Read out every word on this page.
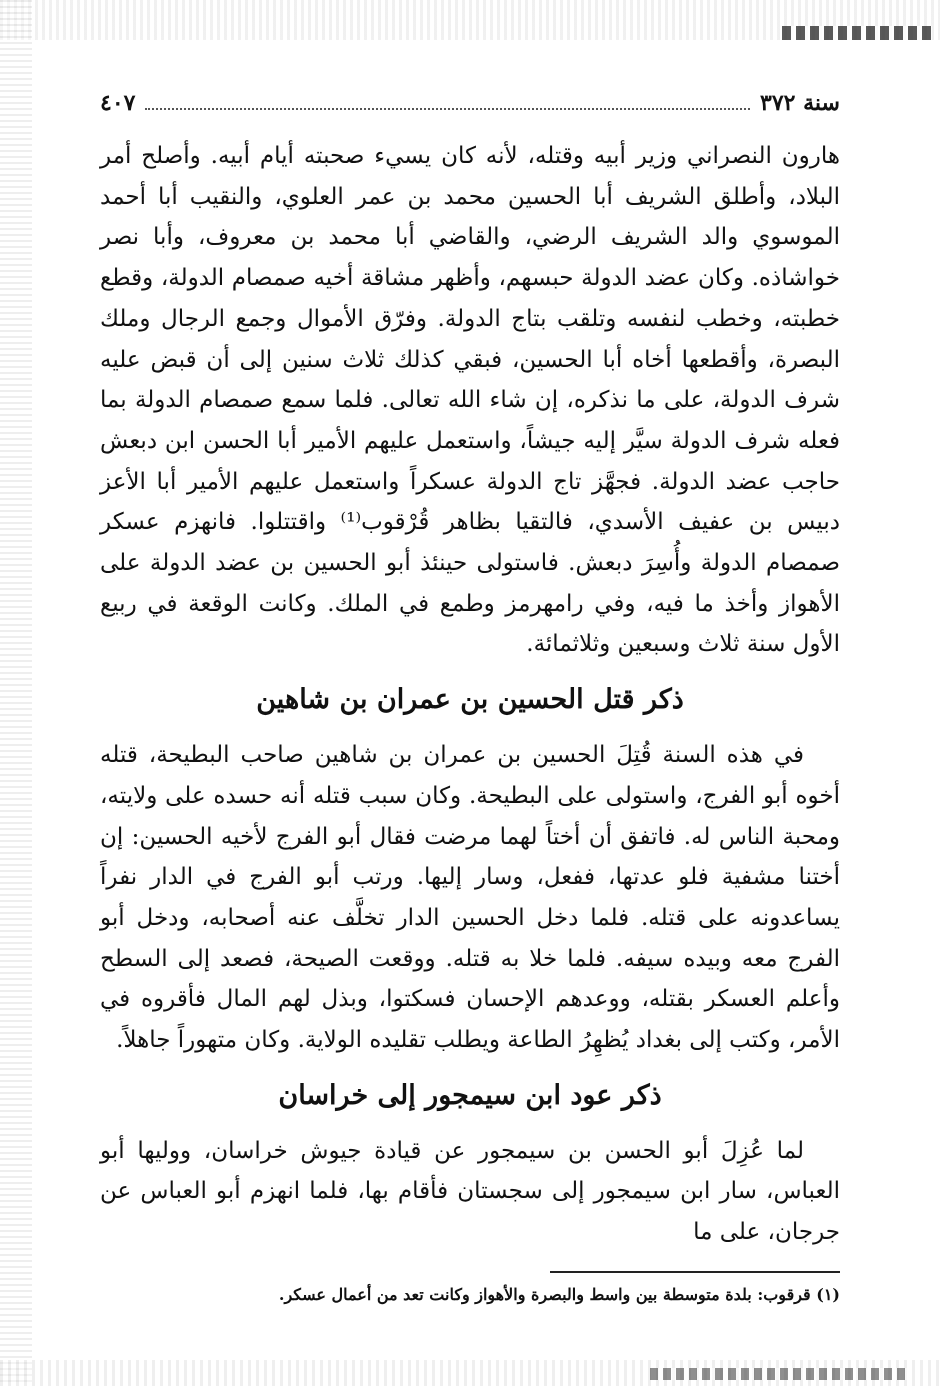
سنة ٣٧٢
٤٠٧

هارون النصراني وزير أبيه وقتله، لأنه كان يسيء صحبته أيام أبيه. وأصلح أمر البلاد، وأطلق الشريف أبا الحسين محمد بن عمر العلوي، والنقيب أبا أحمد الموسوي والد الشريف الرضي، والقاضي أبا محمد بن معروف، وأبا نصر خواشاذه. وكان عضد الدولة حبسهم، وأظهر مشاقة أخيه صمصام الدولة، وقطع خطبته، وخطب لنفسه وتلقب بتاج الدولة. وفرّق الأموال وجمع الرجال وملك البصرة، وأقطعها أخاه أبا الحسين، فبقي كذلك ثلاث سنين إلى أن قبض عليه شرف الدولة، على ما نذكره، إن شاء الله تعالى. فلما سمع صمصام الدولة بما فعله شرف الدولة سيَّر إليه جيشاً، واستعمل عليهم الأمير أبا الحسن ابن دبعش حاجب عضد الدولة. فجهَّز تاج الدولة عسكراً واستعمل عليهم الأمير أبا الأعز دبيس بن عفيف الأسدي، فالتقيا بظاهر قُرْقوب⁽¹⁾ واقتتلوا. فانهزم عسكر صمصام الدولة وأُسِرَ دبعش. فاستولى حينئذ أبو الحسين بن عضد الدولة على الأهواز وأخذ ما فيه، وفي رامهرمز وطمع في الملك. وكانت الوقعة في ربيع الأول سنة ثلاث وسبعين وثلاثمائة.

ذكر قتل الحسين بن عمران بن شاهين

في هذه السنة قُتِلَ الحسين بن عمران بن شاهين صاحب البطيحة، قتله أخوه أبو الفرج، واستولى على البطيحة. وكان سبب قتله أنه حسده على ولايته، ومحبة الناس له. فاتفق أن أختاً لهما مرضت فقال أبو الفرج لأخيه الحسين: إن أختنا مشفية فلو عدتها، ففعل، وسار إليها. ورتب أبو الفرج في الدار نفراً يساعدونه على قتله. فلما دخل الحسين الدار تخلَّف عنه أصحابه، ودخل أبو الفرج معه وبيده سيفه. فلما خلا به قتله. ووقعت الصيحة، فصعد إلى السطح وأعلم العسكر بقتله، ووعدهم الإحسان فسكتوا، وبذل لهم المال فأقروه في الأمر، وكتب إلى بغداد يُظهِرُ الطاعة ويطلب تقليده الولاية. وكان متهوراً جاهلاً.

ذكر عود ابن سيمجور إلى خراسان

لما عُزِلَ أبو الحسن بن سيمجور عن قيادة جيوش خراسان، ووليها أبو العباس، سار ابن سيمجور إلى سجستان فأقام بها، فلما انهزم أبو العباس عن جرجان، على ما

(١) قرقوب: بلدة متوسطة بين واسط والبصرة والأهواز وكانت تعد من أعمال عسكر.
